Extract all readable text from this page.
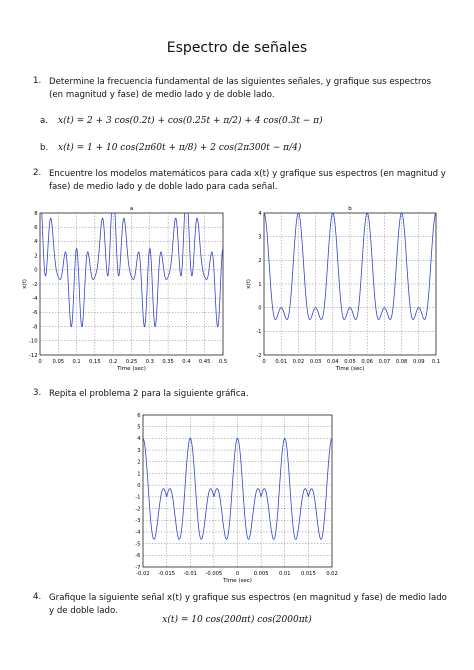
Espectro de señales
1. Determine la frecuencia fundamental de las siguientes señales, y grafique sus espectros (en magnitud y fase) de medio lado y de doble lado.
a. x(t) = 2 + 3 cos(0.2t) + cos(0.25t + π/2) + 4 cos(0.3t − π)
b. x(t) = 1 + 10 cos(2π60t + π/8) + 2 cos(2π300t − π/4)
2. Encuentre los modelos matemáticos para cada x(t) y grafique sus espectros (en magnitud y fase) de medio lado y de doble lado para cada señal.
0 0.05 0.1 0.15 0.2 0.25 0.3 0.35 0.4 0.45 0.5
8
6
4
2
0
-2
-4
-6
-8
-10
-12
a
Time (sec)
x(t)
0 0.01 0.02 0.03 0.04 0.05 0.06 0.07 0.08 0.09 0.1
4
3
2
1
0
-1
-2
b
Time (sec)
x(t)
3. Repita el problema 2 para la siguiente gráfica.
-0.02 -0.015 -0.01 -0.005	0	0.005 0.01 0.015 0.02
6
5
4
3
2
1
0
-1
-2
-3
-4
-5
-6
-7
Time (sec)
4. Grafique la siguiente señal x(t) y grafique sus espectros (en magnitud y fase) de medio lado y de doble lado.
x(t) = 10 cos(200πt) cos(2000πt)
